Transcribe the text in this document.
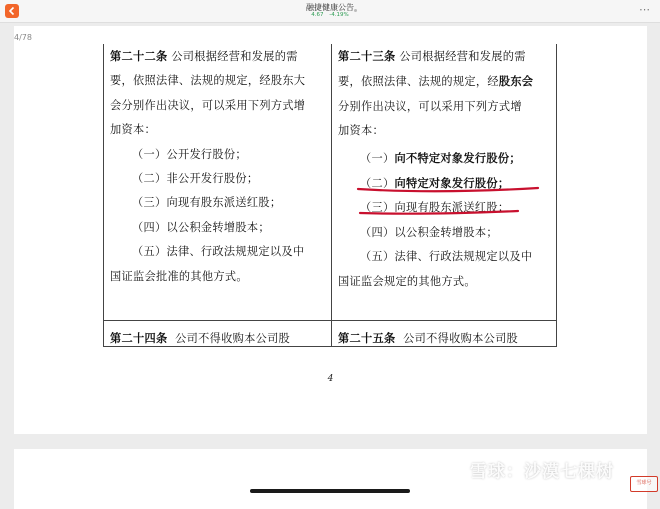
融捷健康公告
4.67 -4.19%	⋯

第二十二条 公司根据经营和发展的需

要，依照法律、法规的规定，经股东大

会分别作出决议，可以采用下列方式增

加资本：

（一）公开发行股份；

（二）非公开发行股份；

（三）向现有股东派送红股；

（四）以公积金转增股本；

（五）法律、行政法规规定以及中

国证监会批准的其他方式。

第二十三条 公司根据经营和发展的需

要，依照法律、法规的规定，经股东会

分别作出决议，可以采用下列方式增

加资本：

（一）向不特定对象发行股份；

（二）向特定对象发行股份；

（三）向现有股东派送红股；

（四）以公积金转增股本；

（五）法律、行政法规规定以及中

国证监会规定的其他方式。

第二十四条 公司不得收购本公司股	第二十五条 公司不得收购本公司股
4
4/78
雪球：沙漠七棵树
雪球号
